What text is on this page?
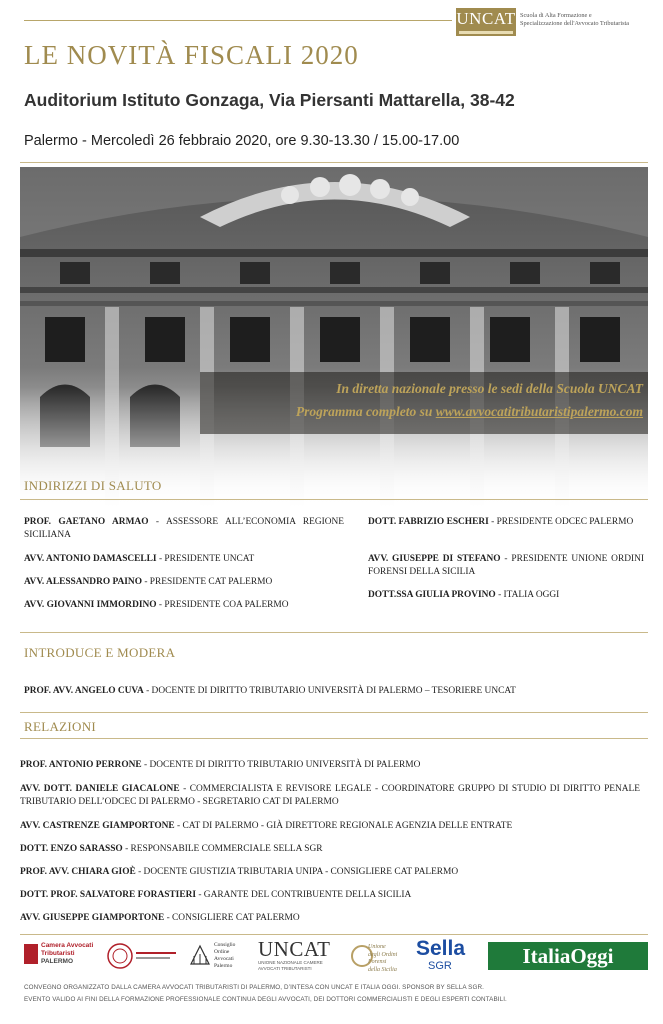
UNCAT Scuola di Alta Formazione e
Specializzazione dell'Avvocato Tributarista
LE NOVITÀ FISCALI 2020
Auditorium Istituto Gonzaga, Via Piersanti Mattarella, 38-42
Palermo - Mercoledì 26 febbraio 2020, ore 9.30-13.30 / 15.00-17.00
In diretta nazionale presso le sedi della Scuola UNCAT
Programma completo su www.avvocatitributaristipalermo.com
INDIRIZZI DI SALUTO
PROF. GAETANO ARMAO - ASSESSORE ALL’ECONOMIA REGIONE SICILIANA
AVV. ANTONIO DAMASCELLI - PRESIDENTE UNCAT
AVV. ALESSANDRO PAINO - PRESIDENTE CAT PALERMO
AVV. GIOVANNI IMMORDINO - PRESIDENTE COA PALERMO
DOTT. FABRIZIO ESCHERI - PRESIDENTE ODCEC PALERMO
AVV. GIUSEPPE DI STEFANO - PRESIDENTE UNIONE ORDINI FORENSI DELLA SICILIA
DOTT.SSA GIULIA PROVINO - ITALIA OGGI
INTRODUCE E MODERA
PROF. AVV. ANGELO CUVA - DOCENTE DI DIRITTO TRIBUTARIO UNIVERSITÀ DI PALERMO – TESORIERE UNCAT
RELAZIONI
PROF. ANTONIO PERRONE - DOCENTE DI DIRITTO TRIBUTARIO UNIVERSITÀ DI PALERMO
AVV. DOTT. DANIELE GIACALONE - COMMERCIALISTA E REVISORE LEGALE - COORDINATORE GRUPPO DI STUDIO DI DIRITTO PENALE TRIBUTARIO DELL’ODCEC DI PALERMO - SEGRETARIO CAT DI PALERMO
AVV. CASTRENZE GIAMPORTONE - CAT DI PALERMO - GIÀ DIRETTORE REGIONALE AGENZIA DELLE ENTRATE
DOTT. ENZO SARASSO - RESPONSABILE COMMERCIALE SELLA SGR
PROF. AVV. CHIARA GIOÈ - DOCENTE GIUSTIZIA TRIBUTARIA UNIPA - CONSIGLIERE CAT PALERMO
DOTT. PROF. SALVATORE FORASTIERI - GARANTE DEL CONTRIBUENTE DELLA SICILIA
AVV. GIUSEPPE GIAMPORTONE - CONSIGLIERE CAT PALERMO
Camera Avvocati
Tributaristi
PALERMO
Consiglio
Ordine
Avvocati
Palermo
UNCAT
UNIONE NAZIONALE CAMERE
AVVOCATI TRIBUTARISTI
Unione
degli Ordini Forensi
della Sicilia
Sella
SGR	ItaliaOggi
CONVEGNO ORGANIZZATO DALLA CAMERA AVVOCATI TRIBUTARISTI DI PALERMO, D’INTESA CON UNCAT E ITALIA OGGI. SPONSOR BY SELLA SGR.
EVENTO VALIDO AI FINI DELLA FORMAZIONE PROFESSIONALE CONTINUA DEGLI AVVOCATI, DEI DOTTORI COMMERCIALISTI E DEGLI ESPERTI CONTABILI.
